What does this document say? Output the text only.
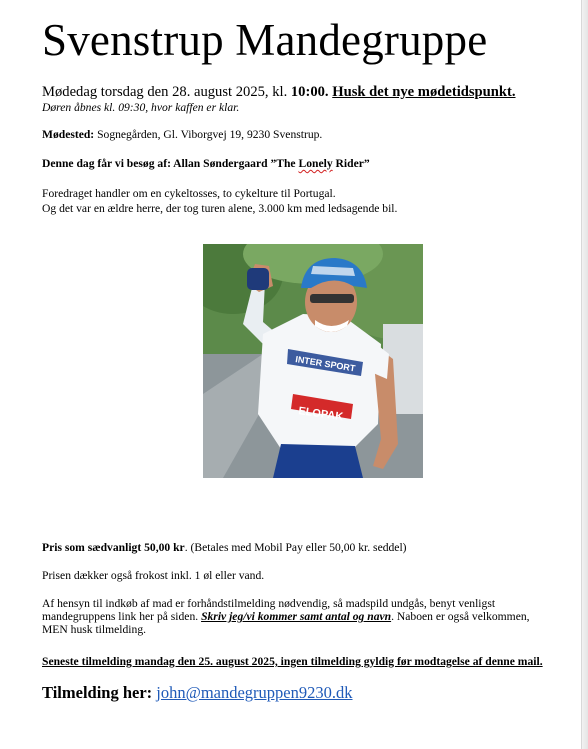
Svenstrup Mandegruppe
Mødedag torsdag den 28. august 2025, kl. 10:00. Husk det nye mødetidspunkt.
Døren åbnes kl. 09:30, hvor kaffen er klar.
Mødested: Sognegården, Gl. Viborgvej 19, 9230 Svenstrup.
Denne dag får vi besøg af: Allan Søndergaard ”The Lonely Rider”
Foredraget handler om en cykeltosses, to cykelture til Portugal.
Og det var en ældre herre, der tog turen alene, 3.000 km med ledsagende bil.
INTER SPORT
ELOPAK
Pris som sædvanligt 50,00 kr. (Betales med Mobil Pay eller 50,00 kr. seddel)
Prisen dækker også frokost inkl. 1 øl eller vand.
Af hensyn til indkøb af mad er forhåndstilmelding nødvendig, så madspild undgås, benyt venligst
mandegruppens link her på siden. Skriv jeg/vi kommer samt antal og navn. Naboen er også velkommen,
MEN husk tilmelding.
Seneste tilmelding mandag den 25. august 2025, ingen tilmelding gyldig før modtagelse af denne mail.
Tilmelding her: john@mandegruppen9230.dk
